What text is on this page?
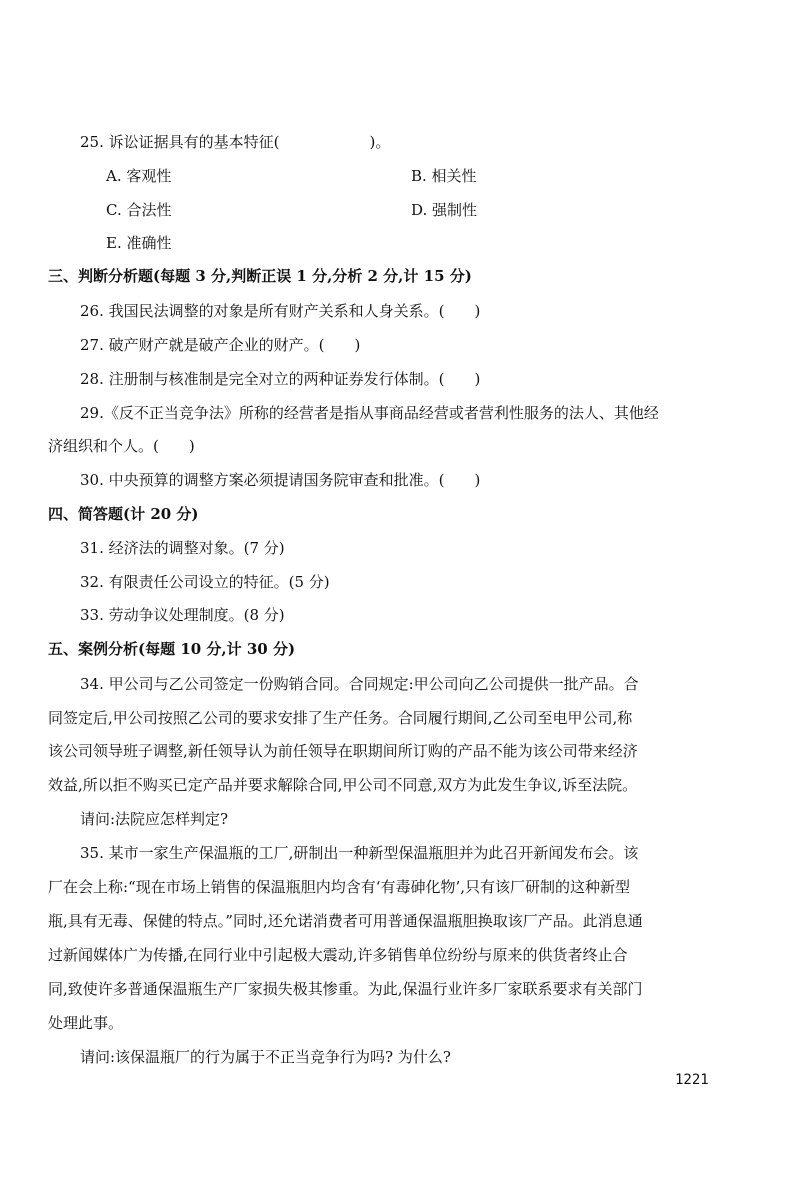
25. 诉讼证据具有的基本特征(　　　　　　)。
A. 客观性	B. 相关性
C. 合法性	D. 强制性
E. 准确性
三、判断分析题(每题 3 分,判断正误 1 分,分析 2 分,计 15 分)
26. 我国民法调整的对象是所有财产关系和人身关系。(　　)
27. 破产财产就是破产企业的财产。(　　)
28. 注册制与核准制是完全对立的两种证券发行体制。(　　)
29.《反不正当竞争法》所称的经营者是指从事商品经营或者营利性服务的法人、其他经
济组织和个人。(　　)
30. 中央预算的调整方案必须提请国务院审查和批准。(　　)
四、简答题(计 20 分)
31. 经济法的调整对象。(7 分)
32. 有限责任公司设立的特征。(5 分)
33. 劳动争议处理制度。(8 分)
五、案例分析(每题 10 分,计 30 分)
34. 甲公司与乙公司签定一份购销合同。合同规定:甲公司向乙公司提供一批产品。合
同签定后,甲公司按照乙公司的要求安排了生产任务。合同履行期间,乙公司至电甲公司,称
该公司领导班子调整,新任领导认为前任领导在职期间所订购的产品不能为该公司带来经济
效益,所以拒不购买已定产品并要求解除合同,甲公司不同意,双方为此发生争议,诉至法院。
请问:法院应怎样判定?
35. 某市一家生产保温瓶的工厂,研制出一种新型保温瓶胆并为此召开新闻发布会。该
厂在会上称:“现在市场上销售的保温瓶胆内均含有‘有毒砷化物’,只有该厂研制的这种新型
瓶,具有无毒、保健的特点。”同时,还允诺消费者可用普通保温瓶胆换取该厂产品。此消息通
过新闻媒体广为传播,在同行业中引起极大震动,许多销售单位纷纷与原来的供货者终止合
同,致使许多普通保温瓶生产厂家损失极其惨重。为此,保温行业许多厂家联系要求有关部门
处理此事。
请问:该保温瓶厂的行为属于不正当竞争行为吗? 为什么?
1221
